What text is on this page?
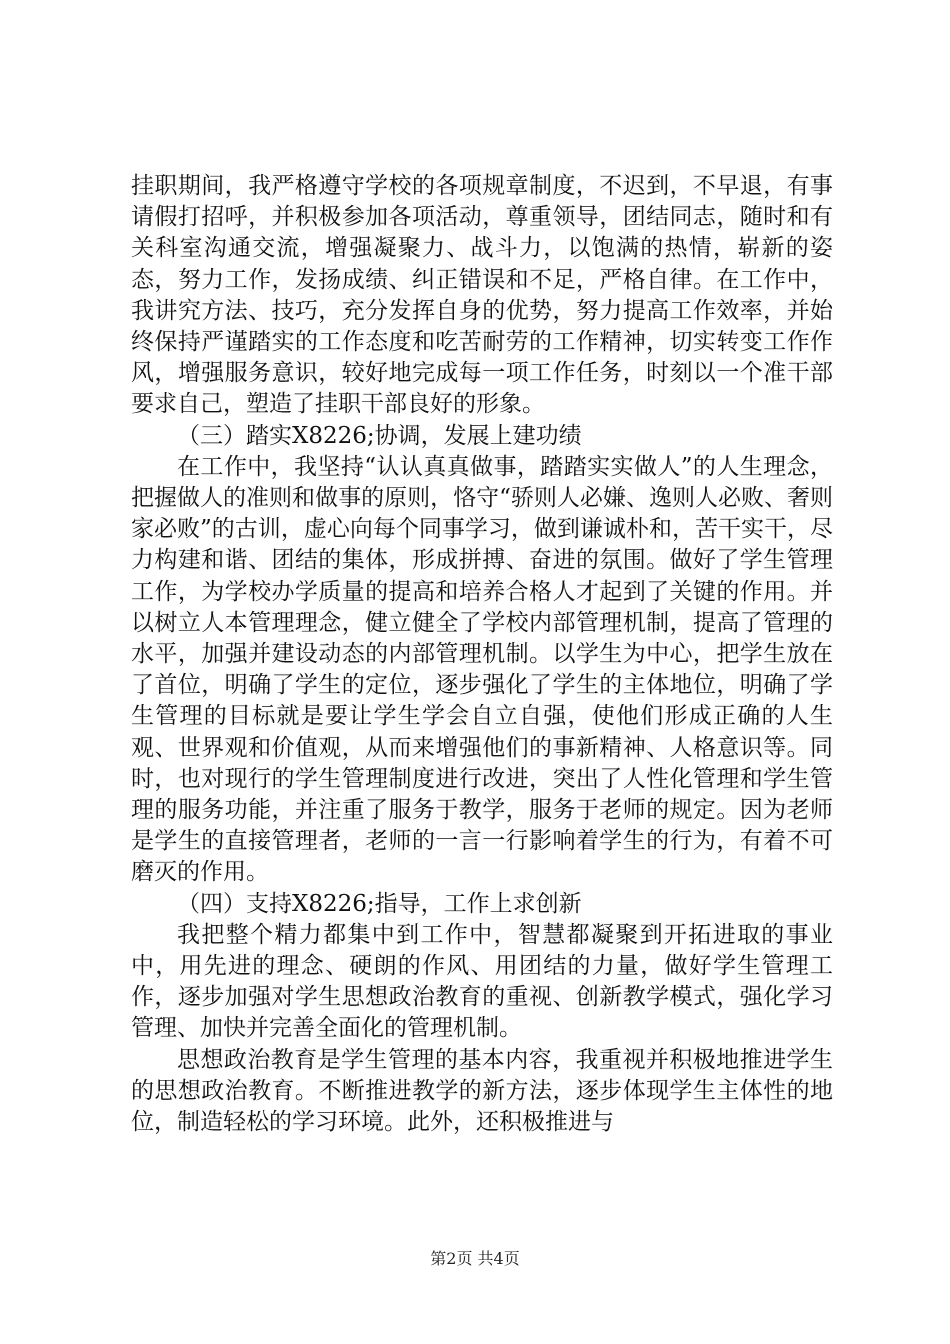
挂职期间，我严格遵守学校的各项规章制度，不迟到，不早退，有事请假打招呼，并积极参加各项活动，尊重领导，团结同志，随时和有关科室沟通交流，增强凝聚力、战斗力，以饱满的热情，崭新的姿态，努力工作，发扬成绩、纠正错误和不足，严格自律。在工作中，我讲究方法、技巧，充分发挥自身的优势，努力提高工作效率，并始终保持严谨踏实的工作态度和吃苦耐劳的工作精神，切实转变工作作风，增强服务意识，较好地完成每一项工作任务，时刻以一个准干部要求自己，塑造了挂职干部良好的形象。

（三）踏实X8226;协调，发展上建功绩

在工作中，我坚持“认认真真做事，踏踏实实做人”的人生理念，把握做人的准则和做事的原则，恪守“骄则人必嫌、逸则人必败、奢则家必败”的古训，虚心向每个同事学习，做到谦诚朴和，苦干实干，尽力构建和谐、团结的集体，形成拼搏、奋进的氛围。做好了学生管理工作，为学校办学质量的提高和培养合格人才起到了关键的作用。并以树立人本管理理念，健立健全了学校内部管理机制，提高了管理的水平，加强并建设动态的内部管理机制。以学生为中心，把学生放在了首位，明确了学生的定位，逐步强化了学生的主体地位，明确了学生管理的目标就是要让学生学会自立自强，使他们形成正确的人生观、世界观和价值观，从而来增强他们的事新精神、人格意识等。同时，也对现行的学生管理制度进行改进，突出了人性化管理和学生管理的服务功能，并注重了服务于教学，服务于老师的规定。因为老师是学生的直接管理者，老师的一言一行影响着学生的行为，有着不可磨灭的作用。

（四）支持X8226;指导，工作上求创新

我把整个精力都集中到工作中，智慧都凝聚到开拓进取的事业中，用先进的理念、硬朗的作风、用团结的力量，做好学生管理工作，逐步加强对学生思想政治教育的重视、创新教学模式，强化学习管理、加快并完善全面化的管理机制。

思想政治教育是学生管理的基本内容，我重视并积极地推进学生的思想政治教育。不断推进教学的新方法，逐步体现学生主体性的地位，制造轻松的学习环境。此外，还积极推进与

第2页 共4页
